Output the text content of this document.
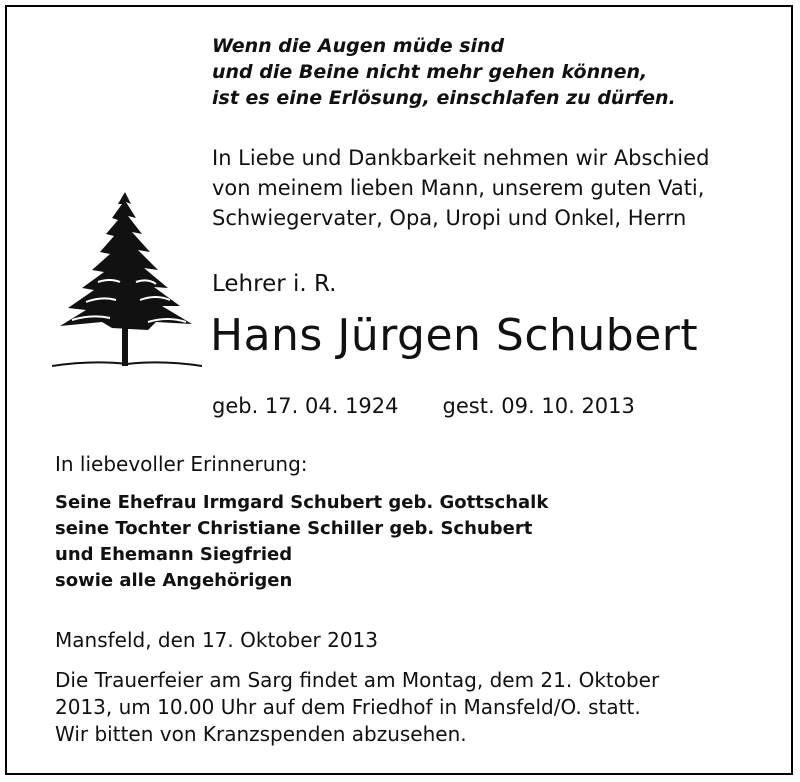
Wenn die Augen müde sind
und die Beine nicht mehr gehen können,
ist es eine Erlösung, einschlafen zu dürfen.
In Liebe und Dankbarkeit nehmen wir Abschied
von meinem lieben Mann, unserem guten Vati,
Schwiegervater, Opa, Uropi und Onkel, Herrn
Lehrer i. R.
Hans Jürgen Schubert
geb. 17. 04. 1924 gest. 09. 10. 2013
In liebevoller Erinnerung:
Seine Ehefrau Irmgard Schubert geb. Gottschalk
seine Tochter Christiane Schiller geb. Schubert
und Ehemann Siegfried
sowie alle Angehörigen
Mansfeld, den 17. Oktober 2013
Die Trauerfeier am Sarg findet am Montag, dem 21. Oktober
2013, um 10.00 Uhr auf dem Friedhof in Mansfeld/O. statt.
Wir bitten von Kranzspenden abzusehen.
